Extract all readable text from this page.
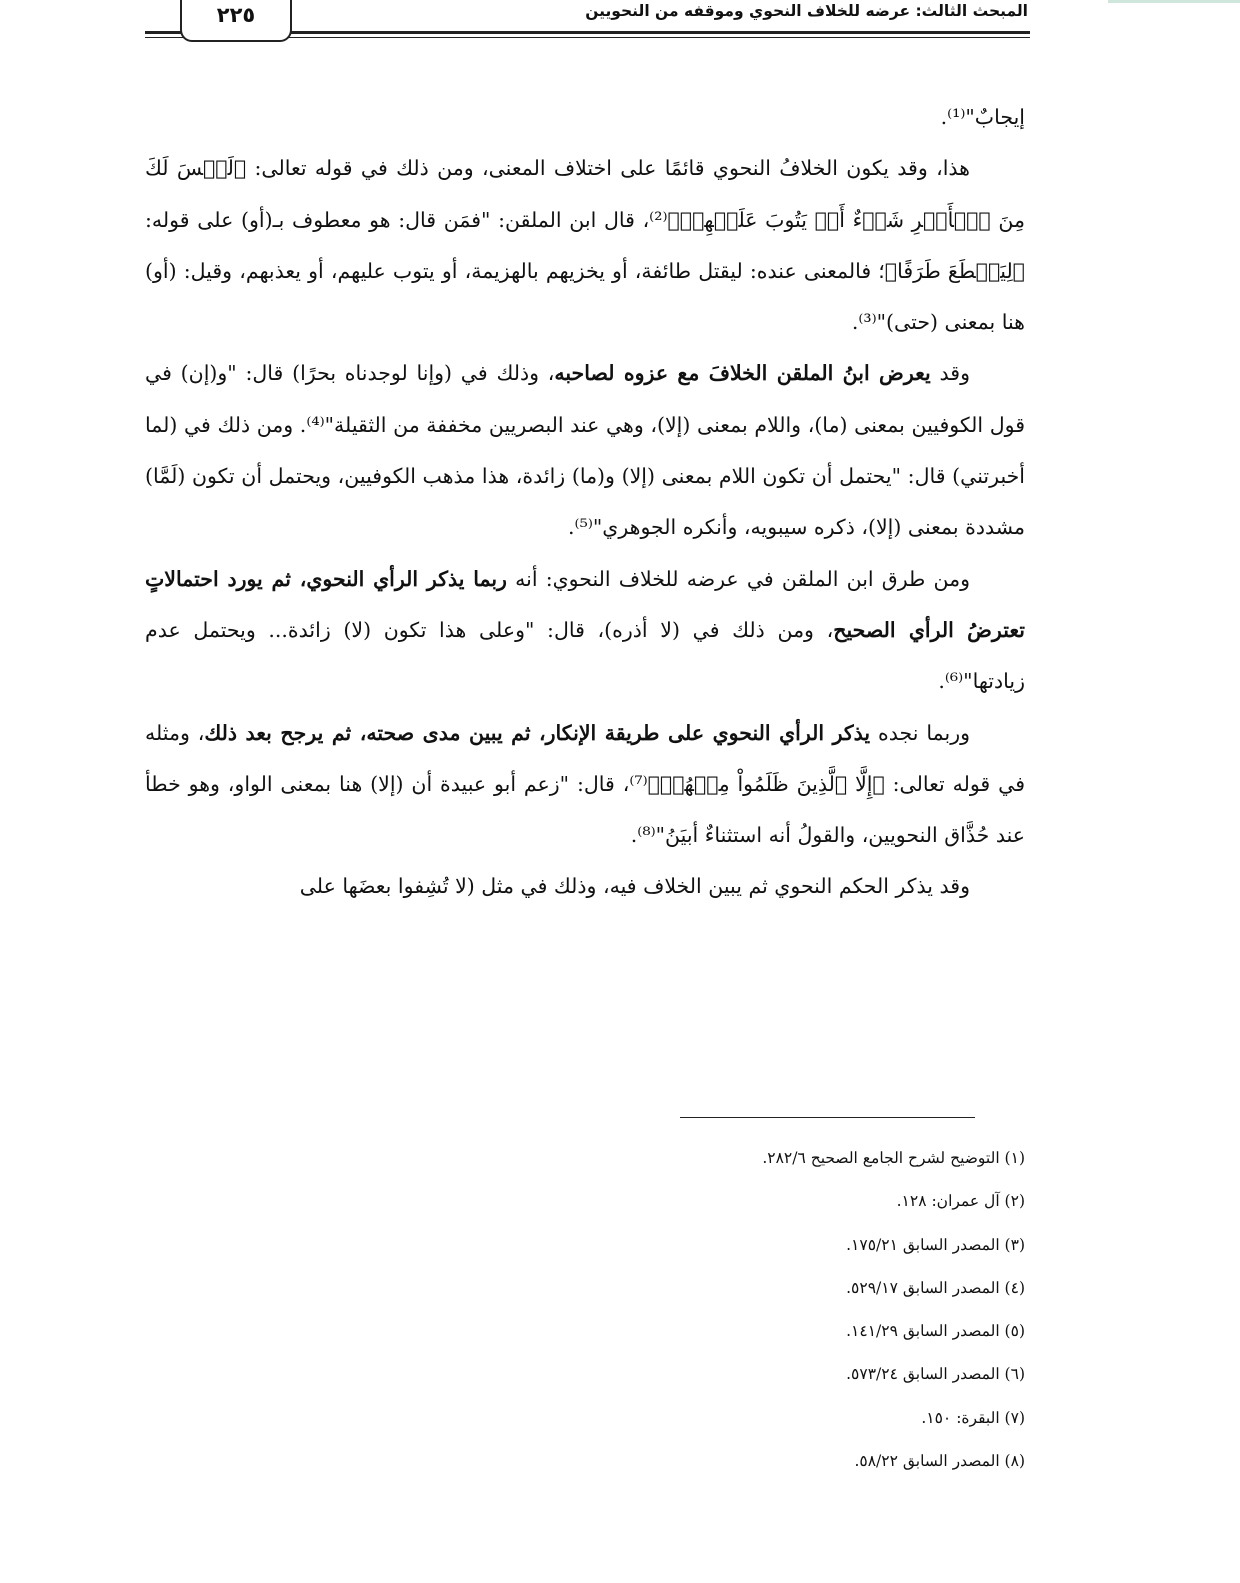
٢٢٥	المبحث الثالث: عرضه للخلاف النحوي وموقفه من النحويين

إيجابٌ"⁽¹⁾.

هذا، وقد يكون الخلافُ النحوي قائمًا على اختلاف المعنى، ومن ذلك في قوله تعالى: ﴿لَيۡسَ لَكَ مِنَ ٱلۡأَمۡرِ شَيۡءٌ أَوۡ يَتُوبَ عَلَيۡهِمۡ﴾⁽²⁾، قال ابن الملقن: "فمَن قال: هو معطوف بـ(أو) على قوله: ﴿لِيَقۡطَعَ طَرَفًا﴾؛ فالمعنى عنده: ليقتل طائفة، أو يخزيهم بالهزيمة، أو يتوب عليهم، أو يعذبهم، وقيل: (أو) هنا بمعنى (حتى)"⁽³⁾.

وقد يعرض ابنُ الملقن الخلافَ مع عزوه لصاحبه، وذلك في (وإنا لوجدناه بحرًا) قال: "و(إن) في قول الكوفيين بمعنى (ما)، واللام بمعنى (إلا)، وهي عند البصريين مخففة من الثقيلة"⁽⁴⁾. ومن ذلك في (لما أخبرتني) قال: "يحتمل أن تكون اللام بمعنى (إلا) و(ما) زائدة، هذا مذهب الكوفيين، ويحتمل أن تكون (لَمَّا) مشددة بمعنى (إلا)، ذكره سيبويه، وأنكره الجوهري"⁽⁵⁾.

ومن طرق ابن الملقن في عرضه للخلاف النحوي: أنه ربما يذكر الرأي النحوي، ثم يورد احتمالاتٍ تعترضُ الرأي الصحيح، ومن ذلك في (لا أذره)، قال: "وعلى هذا تكون (لا) زائدة... ويحتمل عدم زيادتها"⁽⁶⁾.

وربما نجده يذكر الرأي النحوي على طريقة الإنكار، ثم يبين مدى صحته، ثم يرجح بعد ذلك، ومثله في قوله تعالى: ﴿إِلَّا ٱلَّذِينَ ظَلَمُواْ مِنۡهُمۡ﴾⁽⁷⁾، قال: "زعم أبو عبيدة أن (إلا) هنا بمعنى الواو، وهو خطأ عند حُذَّاق النحويين، والقولُ أنه استثناءٌ أبيَنُ"⁽⁸⁾.

وقد يذكر الحكم النحوي ثم يبين الخلاف فيه، وذلك في مثل (لا تُشِفوا بعضَها على

(١) التوضيح لشرح الجامع الصحيح ٢٨٢/٦.
(٢) آل عمران: ١٢٨.
(٣) المصدر السابق ١٧٥/٢١.
(٤) المصدر السابق ٥٢٩/١٧.
(٥) المصدر السابق ١٤١/٢٩.
(٦) المصدر السابق ٥٧٣/٢٤.
(٧) البقرة: ١٥٠.
(٨) المصدر السابق ٥٨/٢٢.
